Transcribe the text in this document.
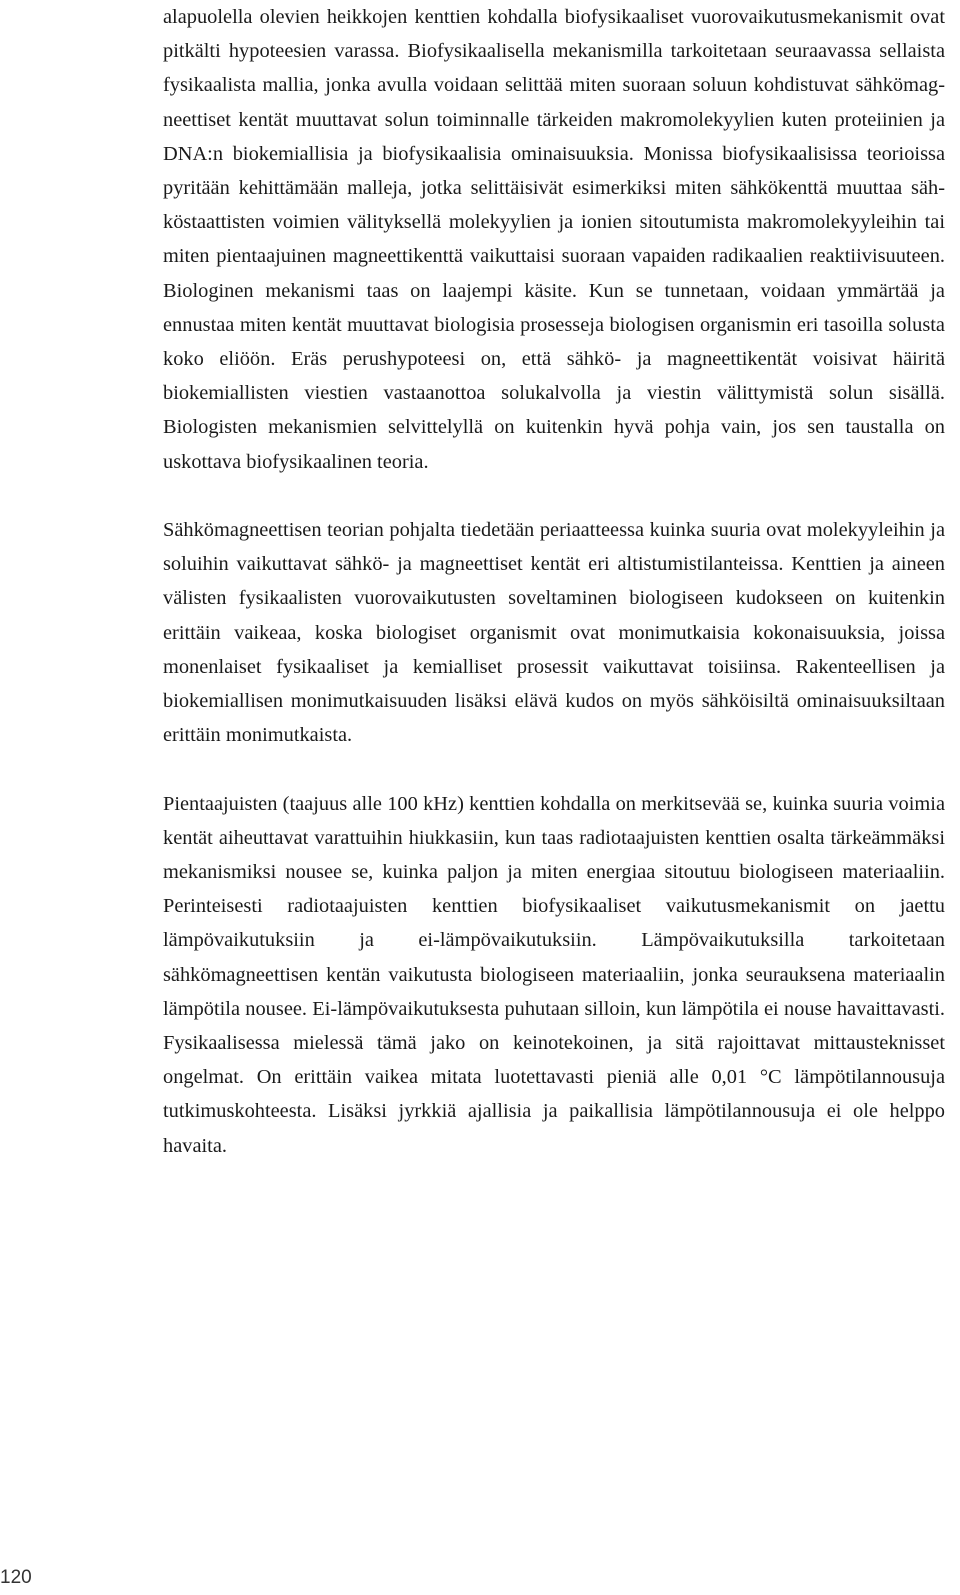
alapuolella olevien heikkojen kenttien kohdalla biofysikaaliset vuorovaikutusmekanismit ovat pitkälti hypoteesien varassa. Biofysikaalisella mekanismilla tarkoitetaan seuraavassa sellaista fysikaalista mallia, jonka avulla voidaan selittää miten suoraan soluun kohdistuvat sähkömagneettiset kentät muuttavat solun toiminnalle tärkeiden makromolekyylien kuten proteiinien ja DNA:n biokemiallisia ja biofysikaalisia ominaisuuksia. Monissa biofysikaalisissa teorioissa pyritään kehittämään malleja, jotka selittäisivät esimerkiksi miten sähkökenttä muuttaa sähköstaattisten voimien välityksellä molekyylien ja ionien sitoutumista makromolekyyleihin tai miten pientaajuinen magneettikenttä vaikuttaisi suoraan vapaiden radikaalien reaktiivisuuteen. Biologinen mekanismi taas on laajempi käsite. Kun se tunnetaan, voidaan ymmärtää ja ennustaa miten kentät muuttavat biologisia prosesseja biologisen organismin eri tasoilla solusta koko eliöön. Eräs perushypoteesi on, että sähkö- ja magneettikentät voisivat häiritä biokemiallisten viestien vastaanottoa solukalvolla ja viestin välittymistä solun sisällä. Biologisten mekanismien selvittelyllä on kuitenkin hyvä pohja vain, jos sen taustalla on uskottava biofysikaalinen teoria.

Sähkömagneettisen teorian pohjalta tiedetään periaatteessa kuinka suuria ovat molekyyleihin ja soluihin vaikuttavat sähkö- ja magneettiset kentät eri altistumistilanteissa. Kenttien ja aineen välisten fysikaalisten vuorovaikutusten soveltaminen biologiseen kudokseen on kuitenkin erittäin vaikeaa, koska biologiset organismit ovat monimutkaisia kokonaisuuksia, joissa monenlaiset fysikaaliset ja kemialliset prosessit vaikuttavat toisiinsa. Rakenteellisen ja biokemiallisen monimutkaisuuden lisäksi elävä kudos on myös sähköisiltä ominaisuuksiltaan erittäin monimutkaista.

Pientaajuisten (taajuus alle 100 kHz) kenttien kohdalla on merkitsevää se, kuinka suuria voimia kentät aiheuttavat varattuihin hiukkasiin, kun taas radiotaajuisten kenttien osalta tärkeämmäksi mekanismiksi nousee se, kuinka paljon ja miten energiaa sitoutuu biologiseen materiaaliin. Perinteisesti radiotaajuisten kenttien biofysikaaliset vaikutusmekanismit on jaettu lämpövaikutuksiin ja ei-lämpövaikutuksiin. Lämpövaikutuksilla tarkoitetaan sähkömagneettisen kentän vaikutusta biologiseen materiaaliin, jonka seurauksena materiaalin lämpötila nousee. Ei-lämpövaikutuksesta puhutaan silloin, kun lämpötila ei nouse havaittavasti. Fysikaalisessa mielessä tämä jako on keinotekoinen, ja sitä rajoittavat mittausteknisset ongelmat. On erittäin vaikea mitata luotettavasti pieniä alle 0,01 °C lämpötilannousuja tutkimuskohteesta. Lisäksi jyrkkiä ajallisia ja paikallisia lämpötilannousuja ei ole helppo havaita.

120
